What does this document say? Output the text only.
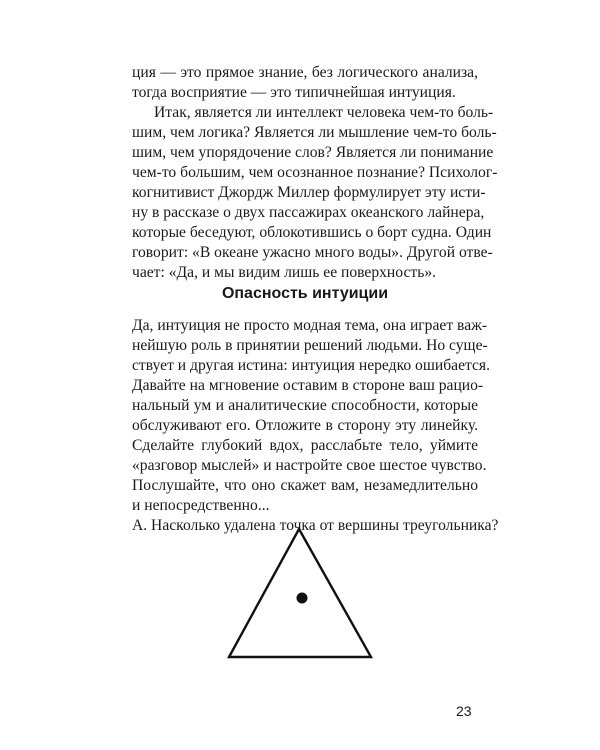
ция — это прямое знание, без логического анализа,
тогда восприятие — это типичнейшая интуиция.
Итак, является ли интеллект человека чем-то боль-
шим, чем логика? Является ли мышление чем-то боль-
шим, чем упорядочение слов? Является ли понимание
чем-то большим, чем осознанное познание? Психолог-
когнитивист Джордж Миллер формулирует эту исти-
ну в рассказе о двух пассажирах океанского лайнера,
которые беседуют, облокотившись о борт судна. Один
говорит: «В океане ужасно много воды». Другой отве-
чает: «Да, и мы видим лишь ее поверхность».
Опасность интуиции
Да, интуиция не просто модная тема, она играет важ-
нейшую роль в принятии решений людьми. Но суще-
ствует и другая истина: интуиция нередко ошибается.
Давайте на мгновение оставим в стороне ваш рацио-
нальный ум и аналитические способности, которые
обслуживают его. Отложите в сторону эту линейку.
Сделайте глубокий вдох, расслабьте тело, уймите
«разговор мыслей» и настройте свое шестое чувство.
Послушайте, что оно скажет вам, незамедлительно
и непосредственно...
А. Насколько удалена точка от вершины треугольника?
23
